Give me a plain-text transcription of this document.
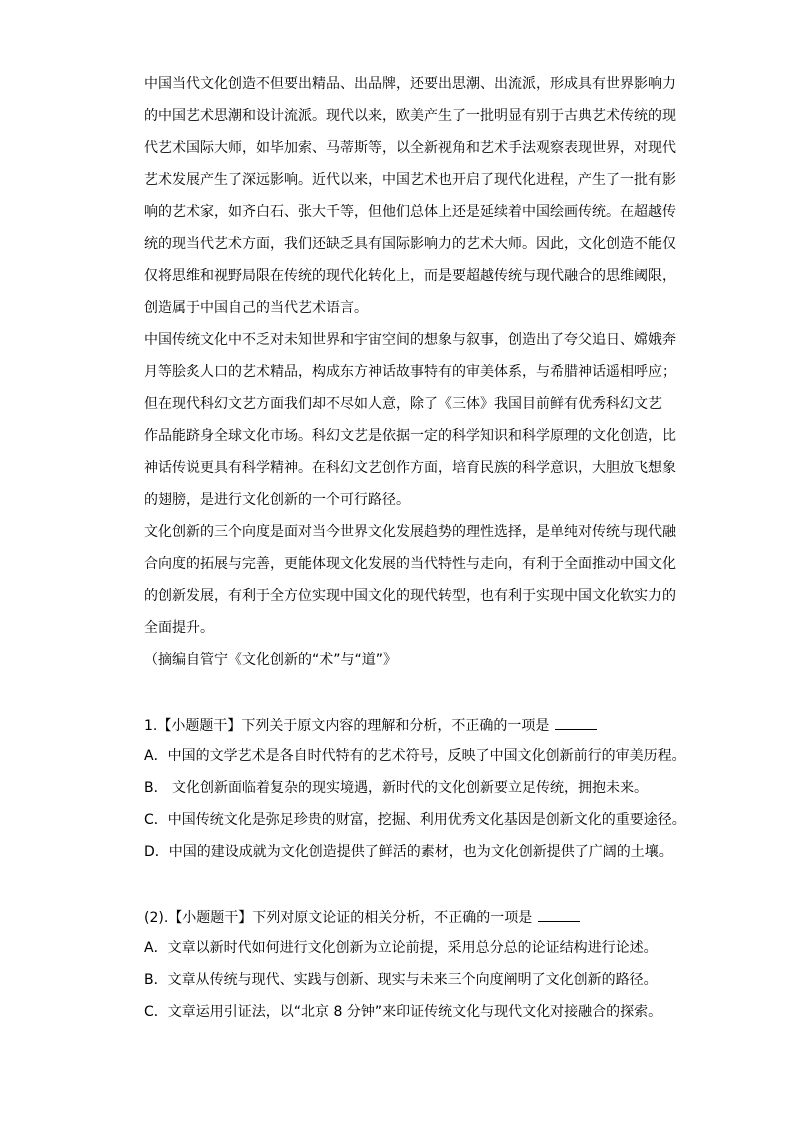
中国当代文化创造不但要出精品、出品牌，还要出思潮、出流派，形成具有世界影响力
的中国艺术思潮和设计流派。现代以来，欧美产生了一批明显有别于古典艺术传统的现
代艺术国际大师，如毕加索、马蒂斯等，以全新视角和艺术手法观察表现世界，对现代
艺术发展产生了深远影响。近代以来，中国艺术也开启了现代化进程，产生了一批有影
响的艺术家，如齐白石、张大千等，但他们总体上还是延续着中国绘画传统。在超越传
统的现当代艺术方面，我们还缺乏具有国际影响力的艺术大师。因此，文化创造不能仅
仅将思维和视野局限在传统的现代化转化上，而是要超越传统与现代融合的思维阈限，
创造属于中国自己的当代艺术语言。
中国传统文化中不乏对未知世界和宇宙空间的想象与叙事，创造出了夸父追日、嫦娥奔
月等脍炙人口的艺术精品，构成东方神话故事特有的审美体系，与希腊神话遥相呼应；
但在现代科幻文艺方面我们却不尽如人意，除了《三体》我国目前鲜有优秀科幻文艺
作品能跻身全球文化市场。科幻文艺是依据一定的科学知识和科学原理的文化创造，比
神话传说更具有科学精神。在科幻文艺创作方面，培育民族的科学意识，大胆放飞想象
的翅膀，是进行文化创新的一个可行路径。
文化创新的三个向度是面对当今世界文化发展趋势的理性选择，是单纯对传统与现代融
合向度的拓展与完善，更能体现文化发展的当代特性与走向，有利于全面推动中国文化
的创新发展，有利于全方位实现中国文化的现代转型，也有利于实现中国文化软实力的
全面提升。
（摘编自管宁《文化创新的“术”与“道”》
1.【小题题干】下列关于原文内容的理解和分析，不正确的一项是
A．中国的文学艺术是各自时代特有的艺术符号，反映了中国文化创新前行的审美历程。
B． 文化创新面临着复杂的现实境遇，新时代的文化创新要立足传统，拥抱未来。
C．中国传统文化是弥足珍贵的财富，挖掘、利用优秀文化基因是创新文化的重要途径。
D．中国的建设成就为文化创造提供了鲜活的素材，也为文化创新提供了广阔的土壤。
(2).【小题题干】下列对原文论证的相关分析，不正确的一项是
A．文章以新时代如何进行文化创新为立论前提，采用总分总的论证结构进行论述。
B．文章从传统与现代、实践与创新、现实与未来三个向度阐明了文化创新的路径。
C．文章运用引证法，以“北京 8 分钟”来印证传统文化与现代文化对接融合的探索。
